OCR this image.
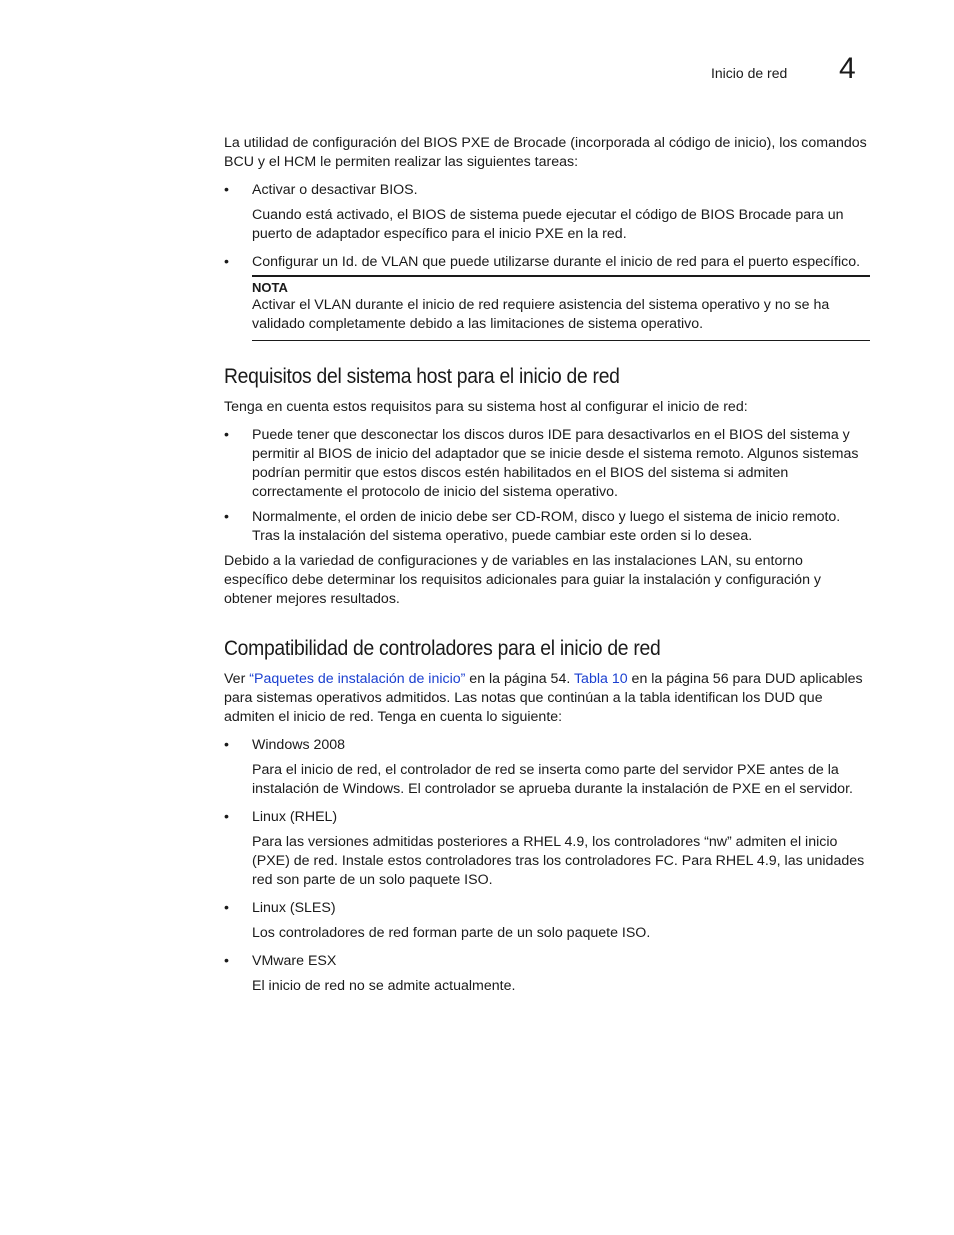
Inicio de red 4

La utilidad de configuración del BIOS PXE de Brocade (incorporada al código de inicio), los comandos BCU y el HCM le permiten realizar las siguientes tareas:

• Activar o desactivar BIOS.

Cuando está activado, el BIOS de sistema puede ejecutar el código de BIOS Brocade para un puerto de adaptador específico para el inicio PXE en la red.

• Configurar un Id. de VLAN que puede utilizarse durante el inicio de red para el puerto específico.
NOTA

Activar el VLAN durante el inicio de red requiere asistencia del sistema operativo y no se ha validado completamente debido a las limitaciones de sistema operativo.

Requisitos del sistema host para el inicio de red

Tenga en cuenta estos requisitos para su sistema host al configurar el inicio de red:

• Puede tener que desconectar los discos duros IDE para desactivarlos en el BIOS del sistema y permitir al BIOS de inicio del adaptador que se inicie desde el sistema remoto. Algunos sistemas podrían permitir que estos discos estén habilitados en el BIOS del sistema si admiten correctamente el protocolo de inicio del sistema operativo.
• Normalmente, el orden de inicio debe ser CD-ROM, disco y luego el sistema de inicio remoto. Tras la instalación del sistema operativo, puede cambiar este orden si lo desea.

Debido a la variedad de configuraciones y de variables en las instalaciones LAN, su entorno específico debe determinar los requisitos adicionales para guiar la instalación y configuración y obtener mejores resultados.

Compatibilidad de controladores para el inicio de red

Ver “Paquetes de instalación de inicio” en la página 54. Tabla 10 en la página 56 para DUD aplicables para sistemas operativos admitidos. Las notas que continúan a la tabla identifican los DUD que admiten el inicio de red. Tenga en cuenta lo siguiente:

• Windows 2008

Para el inicio de red, el controlador de red se inserta como parte del servidor PXE antes de la instalación de Windows. El controlador se aprueba durante la instalación de PXE en el servidor.

• Linux (RHEL)

Para las versiones admitidas posteriores a RHEL 4.9, los controladores “nw” admiten el inicio (PXE) de red. Instale estos controladores tras los controladores FC. Para RHEL 4.9, las unidades red son parte de un solo paquete ISO.

• Linux (SLES)

Los controladores de red forman parte de un solo paquete ISO.

• VMware ESX

El inicio de red no se admite actualmente.
